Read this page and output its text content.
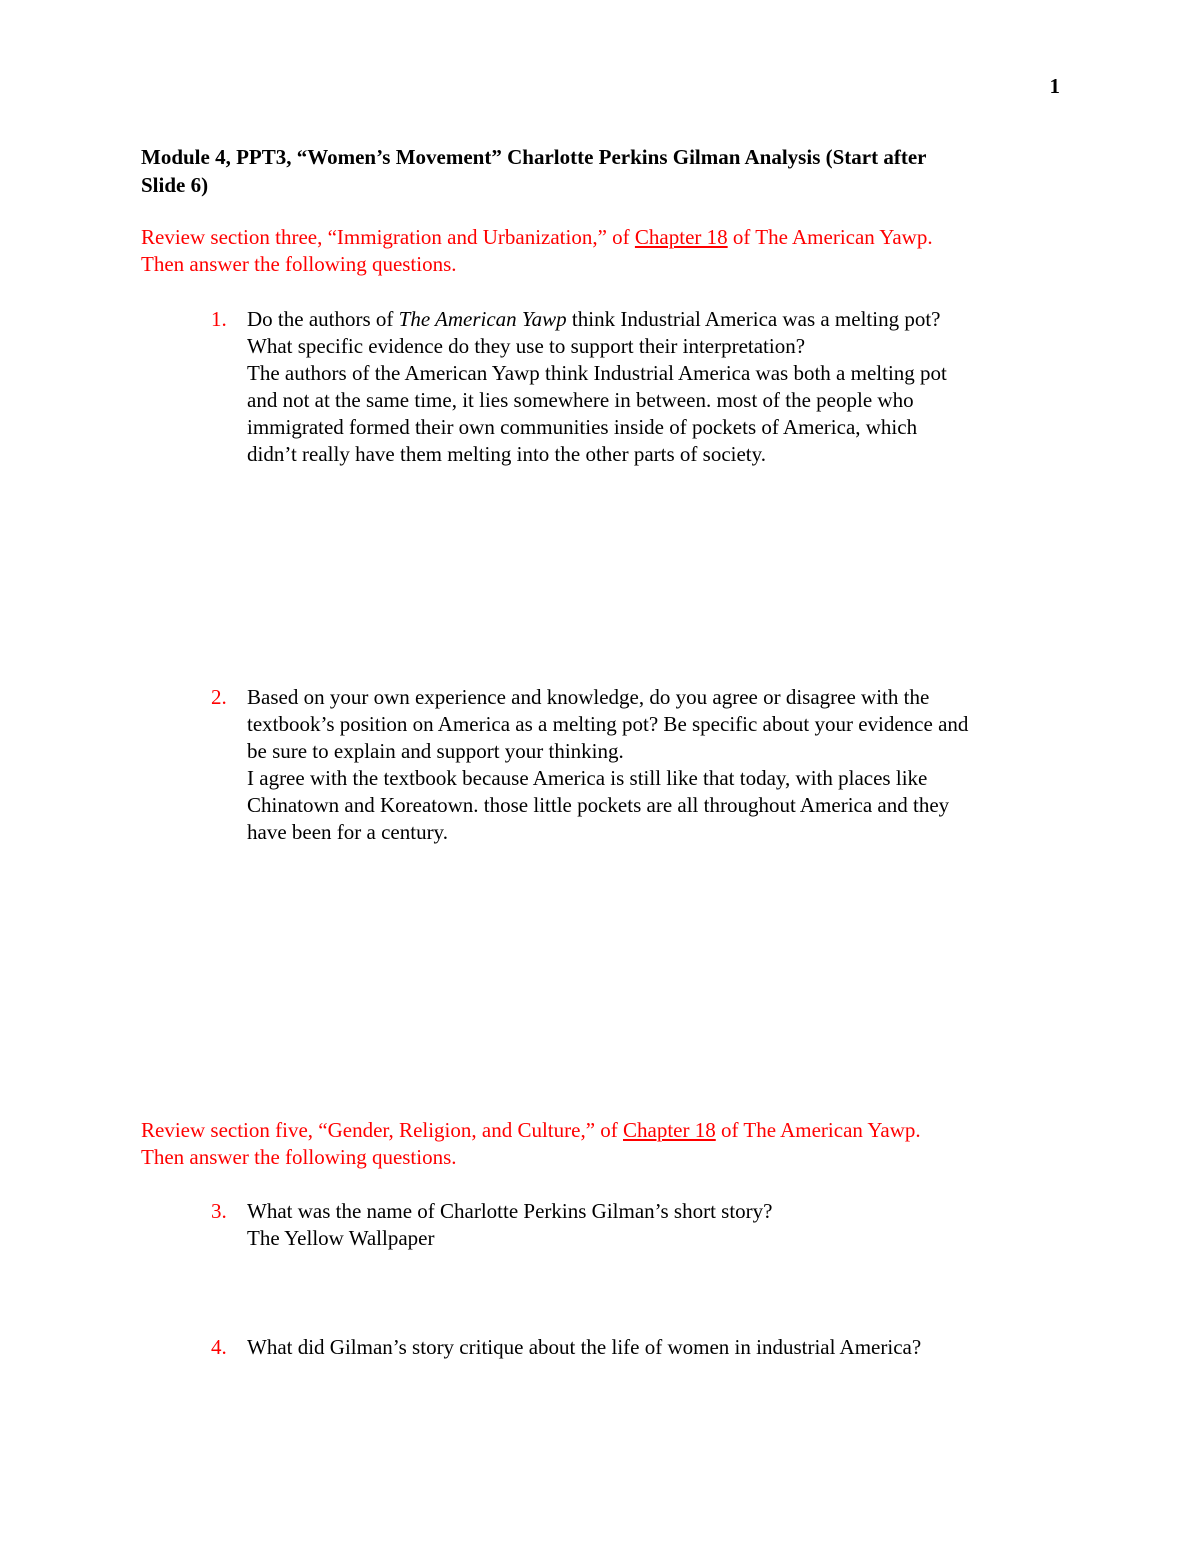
1
Module 4, PPT3, “Women’s Movement” Charlotte Perkins Gilman Analysis (Start after
Slide 6)
Review section three, “Immigration and Urbanization,” of Chapter 18 of The American Yawp.
Then answer the following questions.
1. Do the authors of The American Yawp think Industrial America was a melting pot?
What specific evidence do they use to support their interpretation?
The authors of the American Yawp think Industrial America was both a melting pot
and not at the same time, it lies somewhere in between. most of the people who
immigrated formed their own communities inside of pockets of America, which
didn’t really have them melting into the other parts of society.
2. Based on your own experience and knowledge, do you agree or disagree with the
textbook’s position on America as a melting pot? Be specific about your evidence and
be sure to explain and support your thinking.
I agree with the textbook because America is still like that today, with places like
Chinatown and Koreatown. those little pockets are all throughout America and they
have been for a century.
Review section five, “Gender, Religion, and Culture,” of Chapter 18 of The American Yawp.
Then answer the following questions.
3. What was the name of Charlotte Perkins Gilman’s short story?
The Yellow Wallpaper
4. What did Gilman’s story critique about the life of women in industrial America?
